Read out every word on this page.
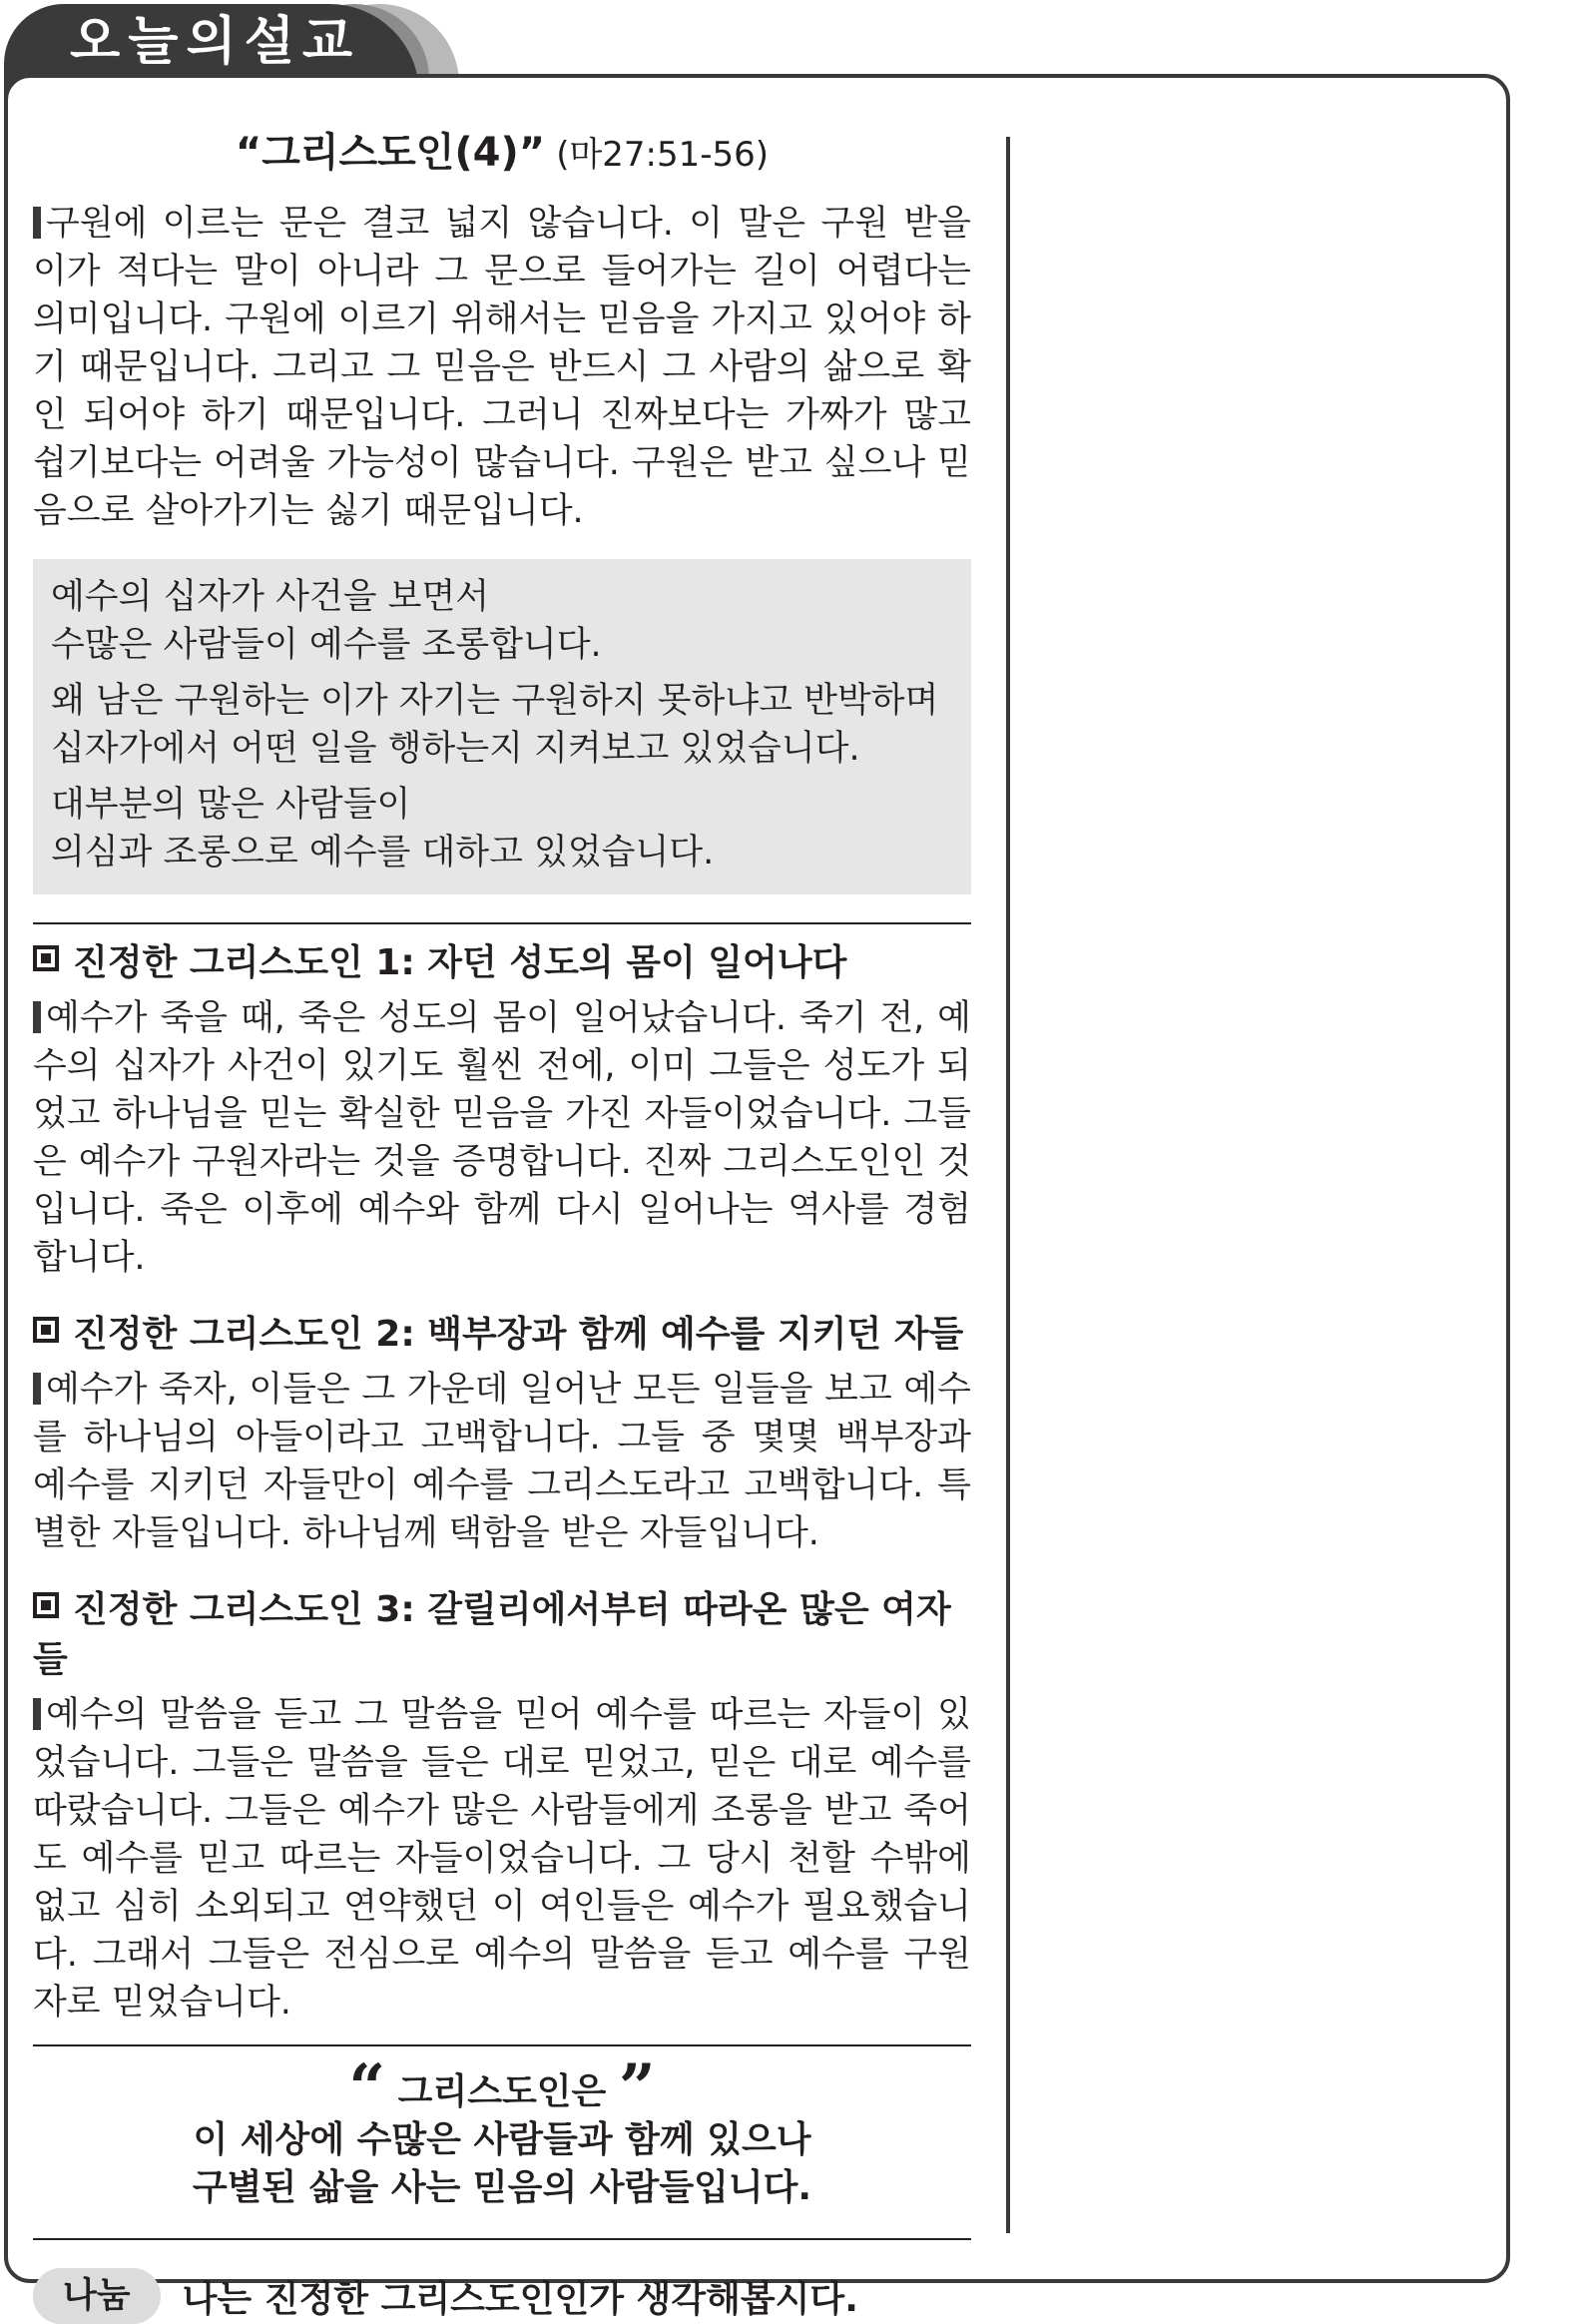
오늘의설교
“그리스도인(4)” (마27:51-56)

구원에 이르는 문은 결코 넓지 않습니다. 이 말은 구원 받을 이가 적다는 말이 아니라 그 문으로 들어가는 길이 어렵다는 의미입니다. 구원에 이르기 위해서는 믿음을 가지고 있어야 하기 때문입니다. 그리고 그 믿음은 반드시 그 사람의 삶으로 확인 되어야 하기 때문입니다. 그러니 진짜보다는 가짜가 많고 쉽기보다는 어려울 가능성이 많습니다. 구원은 받고 싶으나 믿음으로 살아가기는 싫기 때문입니다.

예수의 십자가 사건을 보면서
수많은 사람들이 예수를 조롱합니다.

왜 남은 구원하는 이가 자기는 구원하지 못하냐고 반박하며
십자가에서 어떤 일을 행하는지 지켜보고 있었습니다.

대부분의 많은 사람들이
의심과 조롱으로 예수를 대하고 있었습니다.

진정한 그리스도인 1: 자던 성도의 몸이 일어나다

예수가 죽을 때, 죽은 성도의 몸이 일어났습니다. 죽기 전, 예수의 십자가 사건이 있기도 훨씬 전에, 이미 그들은 성도가 되었고 하나님을 믿는 확실한 믿음을 가진 자들이었습니다. 그들은 예수가 구원자라는 것을 증명합니다. 진짜 그리스도인인 것입니다. 죽은 이후에 예수와 함께 다시 일어나는 역사를 경험합니다.

진정한 그리스도인 2: 백부장과 함께 예수를 지키던 자들

예수가 죽자, 이들은 그 가운데 일어난 모든 일들을 보고 예수를 하나님의 아들이라고 고백합니다. 그들 중 몇몇 백부장과 예수를 지키던 자들만이 예수를 그리스도라고 고백합니다. 특별한 자들입니다. 하나님께 택함을 받은 자들입니다.

진정한 그리스도인 3: 갈릴리에서부터 따라온 많은 여자들

예수의 말씀을 듣고 그 말씀을 믿어 예수를 따르는 자들이 있었습니다. 그들은 말씀을 들은 대로 믿었고, 믿은 대로 예수를 따랐습니다. 그들은 예수가 많은 사람들에게 조롱을 받고 죽어도 예수를 믿고 따르는 자들이었습니다. 그 당시 천할 수밖에 없고 심히 소외되고 연약했던 이 여인들은 예수가 필요했습니다. 그래서 그들은 전심으로 예수의 말씀을 듣고 예수를 구원자로 믿었습니다.

“ 그리스도인은 ”
이 세상에 수많은 사람들과 함께 있으나
구별된 삶을 사는 믿음의 사람들입니다.
나눔	나는 진정한 그리스도인인가 생각해봅시다.
